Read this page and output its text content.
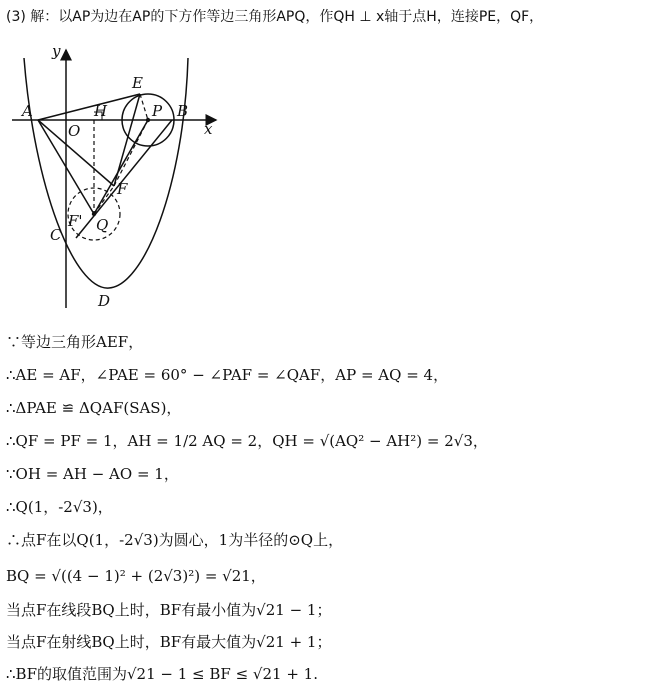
(3) 解：以AP为边在AP的下方作等边三角形APQ，作QH ⊥ x轴于点H，连接PE，QF，
x
y
A	B
C
D
E
F
F'
H
O
P
Q
∵等边三角形AEF，
∴AE = AF，∠PAE = 60° − ∠PAF = ∠QAF，AP = AQ = 4，
∴ΔPAE ≌ ΔQAF(SAS)，
∴QF = PF = 1，AH = 1/2 AQ = 2，QH = √(AQ² − AH²) = 2√3，
∵OH = AH − AO = 1，
∴Q(1，-2√3)，
∴点F在以Q(1，-2√3)为圆心，1为半径的⊙Q上，
BQ = √((4 − 1)² + (2√3)²) = √21，
当点F在线段BQ上时，BF有最小值为√21 − 1；
当点F在射线BQ上时，BF有最大值为√21 + 1；
∴BF的取值范围为√21 − 1 ≤ BF ≤ √21 + 1.
